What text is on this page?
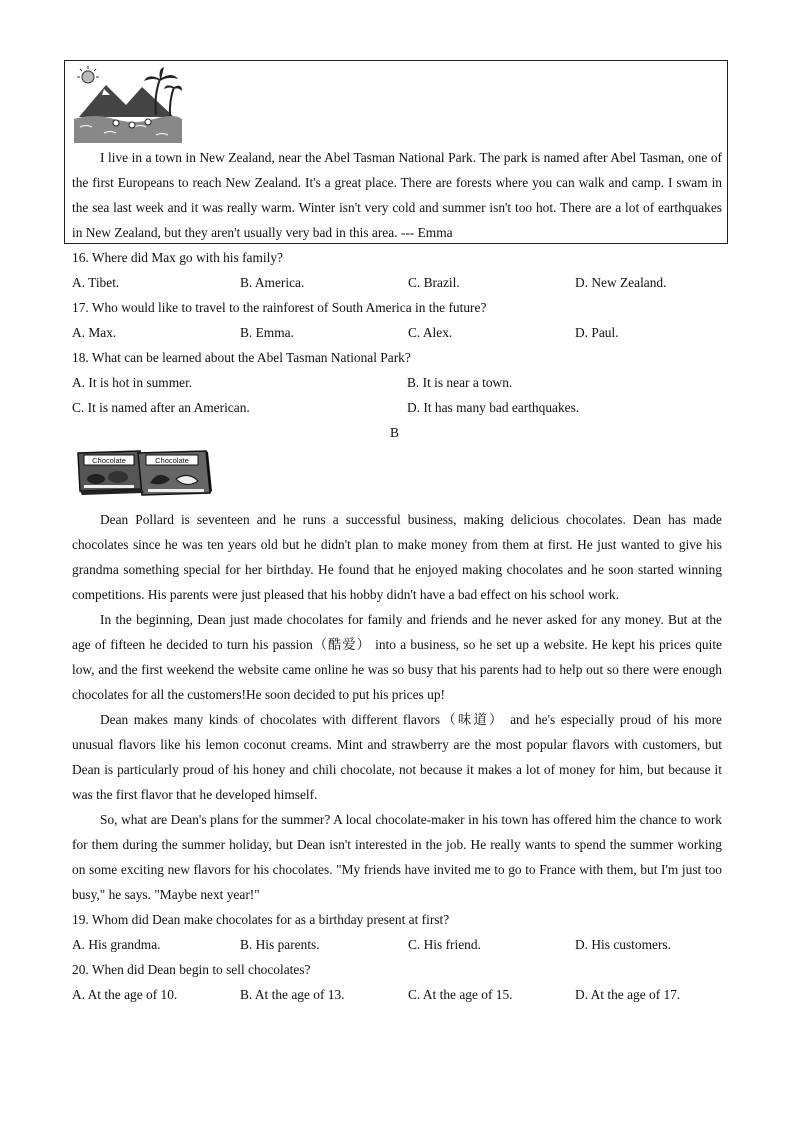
I live in a town in New Zealand, near the Abel Tasman National Park. The park is named after Abel Tasman, one of the first Europeans to reach New Zealand. It's a great place. There are forests where you can walk and camp. I swam in the sea last week and it was really warm. Winter isn't very cold and summer isn't too hot. There are a lot of earthquakes in New Zealand, but they aren't usually very bad in this area. --- Emma

16. Where did Max go with his family?
A. Tibet.	B. America.	C. Brazil.	D. New Zealand.
17. Who would like to travel to the rainforest of South America in the future?
A. Max.	B. Emma.	C. Alex.	D. Paul.
18. What can be learned about the Abel Tasman National Park?
A. It is hot in summer.	B. It is near a town.
C. It is named after an American.	D. It has many bad earthquakes.
B
Chocolate	Chocolate

Dean Pollard is seventeen and he runs a successful business, making delicious chocolates. Dean has made chocolates since he was ten years old but he didn't plan to make money from them at first. He just wanted to give his grandma something special for her birthday. He found that he enjoyed making chocolates and he soon started winning competitions. His parents were just pleased that his hobby didn't have a bad effect on his school work.

In the beginning, Dean just made chocolates for family and friends and he never asked for any money. But at the age of fifteen he decided to turn his passion（酷爱） into a business, so he set up a website. He kept his prices quite low, and the first weekend the website came online he was so busy that his parents had to help out so there were enough chocolates for all the customers!He soon decided to put his prices up!

Dean makes many kinds of chocolates with different flavors（味道） and he's especially proud of his more unusual flavors like his lemon coconut creams. Mint and strawberry are the most popular flavors with customers, but Dean is particularly proud of his honey and chili chocolate, not because it makes a lot of money for him, but because it was the first flavor that he developed himself.

So, what are Dean's plans for the summer? A local chocolate-maker in his town has offered him the chance to work for them during the summer holiday, but Dean isn't interested in the job. He really wants to spend the summer working on some exciting new flavors for his chocolates. "My friends have invited me to go to France with them, but I'm just too busy," he says. "Maybe next year!"

19. Whom did Dean make chocolates for as a birthday present at first?
A. His grandma.	B. His parents.	C. His friend.	D. His customers.
20. When did Dean begin to sell chocolates?
A. At the age of 10.	B. At the age of 13.	C. At the age of 15.	D. At the age of 17.
